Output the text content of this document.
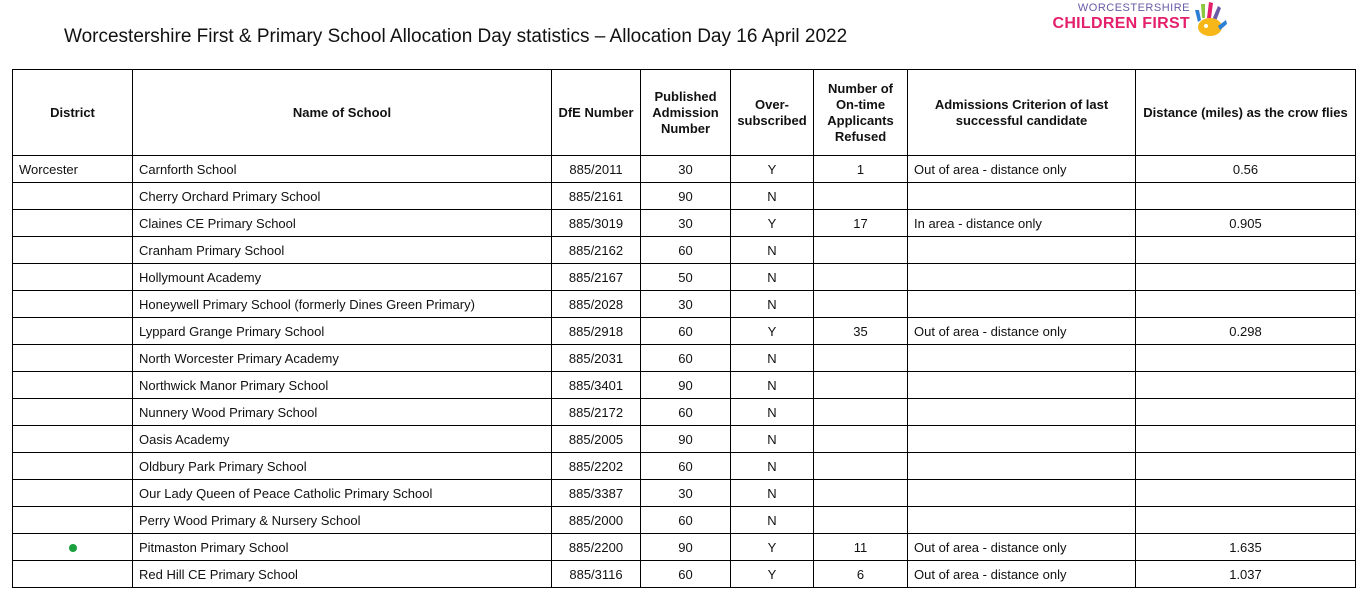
Worcestershire First & Primary School Allocation Day statistics – Allocation Day 16 April 2022
WORCESTERSHIRE
CHILDREN FIRST
District	Name of School	DfE Number	Published Admission Number	Over-subscribed	Number of On-time Applicants Refused	Admissions Criterion of last successful candidate	Distance (miles) as the crow flies
Worcester	Carnforth School	885/2011	30	Y	1	Out of area - distance only	0.56
	Cherry Orchard Primary School	885/2161	90	N			
	Claines CE Primary School	885/3019	30	Y	17	In area - distance only	0.905
	Cranham Primary School	885/2162	60	N			
	Hollymount Academy	885/2167	50	N			
	Honeywell Primary School (formerly Dines Green Primary)	885/2028	30	N			
	Lyppard Grange Primary School	885/2918	60	Y	35	Out of area - distance only	0.298
	North Worcester Primary Academy	885/2031	60	N			
	Northwick Manor Primary School	885/3401	90	N			
	Nunnery Wood Primary School	885/2172	60	N			
	Oasis Academy	885/2005	90	N			
	Oldbury Park Primary School	885/2202	60	N			
	Our Lady Queen of Peace Catholic Primary School	885/3387	30	N			
	Perry Wood Primary & Nursery School	885/2000	60	N			
	Pitmaston Primary School	885/2200	90	Y	11	Out of area - distance only	1.635
	Red Hill CE Primary School	885/3116	60	Y	6	Out of area - distance only	1.037
